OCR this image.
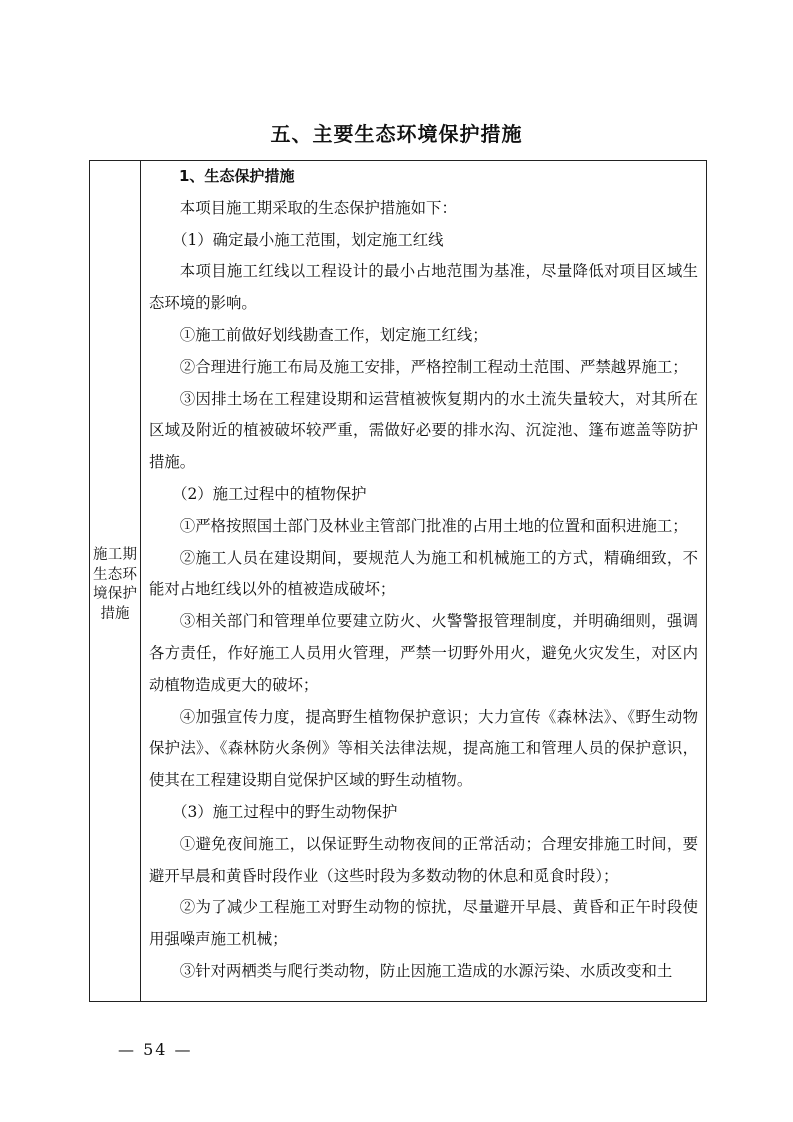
五、主要生态环境保护措施
施工期
生态环
境保护
措施

1、生态保护措施

本项目施工期采取的生态保护措施如下：

（1）确定最小施工范围，划定施工红线

本项目施工红线以工程设计的最小占地范围为基准，尽量降低对项目区域生态环境的影响。

①施工前做好划线勘查工作，划定施工红线；

②合理进行施工布局及施工安排，严格控制工程动土范围、严禁越界施工；

③因排土场在工程建设期和运营植被恢复期内的水土流失量较大，对其所在区域及附近的植被破坏较严重，需做好必要的排水沟、沉淀池、篷布遮盖等防护措施。

（2）施工过程中的植物保护

①严格按照国土部门及林业主管部门批准的占用土地的位置和面积进施工；

②施工人员在建设期间，要规范人为施工和机械施工的方式，精确细致，不能对占地红线以外的植被造成破坏；

③相关部门和管理单位要建立防火、火警警报管理制度，并明确细则，强调各方责任，作好施工人员用火管理，严禁一切野外用火，避免火灾发生，对区内动植物造成更大的破坏；

④加强宣传力度，提高野生植物保护意识；大力宣传《森林法》、《野生动物保护法》、《森林防火条例》等相关法律法规，提高施工和管理人员的保护意识，使其在工程建设期自觉保护区域的野生动植物。

（3）施工过程中的野生动物保护

①避免夜间施工，以保证野生动物夜间的正常活动；合理安排施工时间，要避开早晨和黄昏时段作业（这些时段为多数动物的休息和觅食时段）；

②为了减少工程施工对野生动物的惊扰，尽量避开早晨、黄昏和正午时段使用强噪声施工机械；

③针对两栖类与爬行类动物，防止因施工造成的水源污染、水质改变和土

— 54 —
